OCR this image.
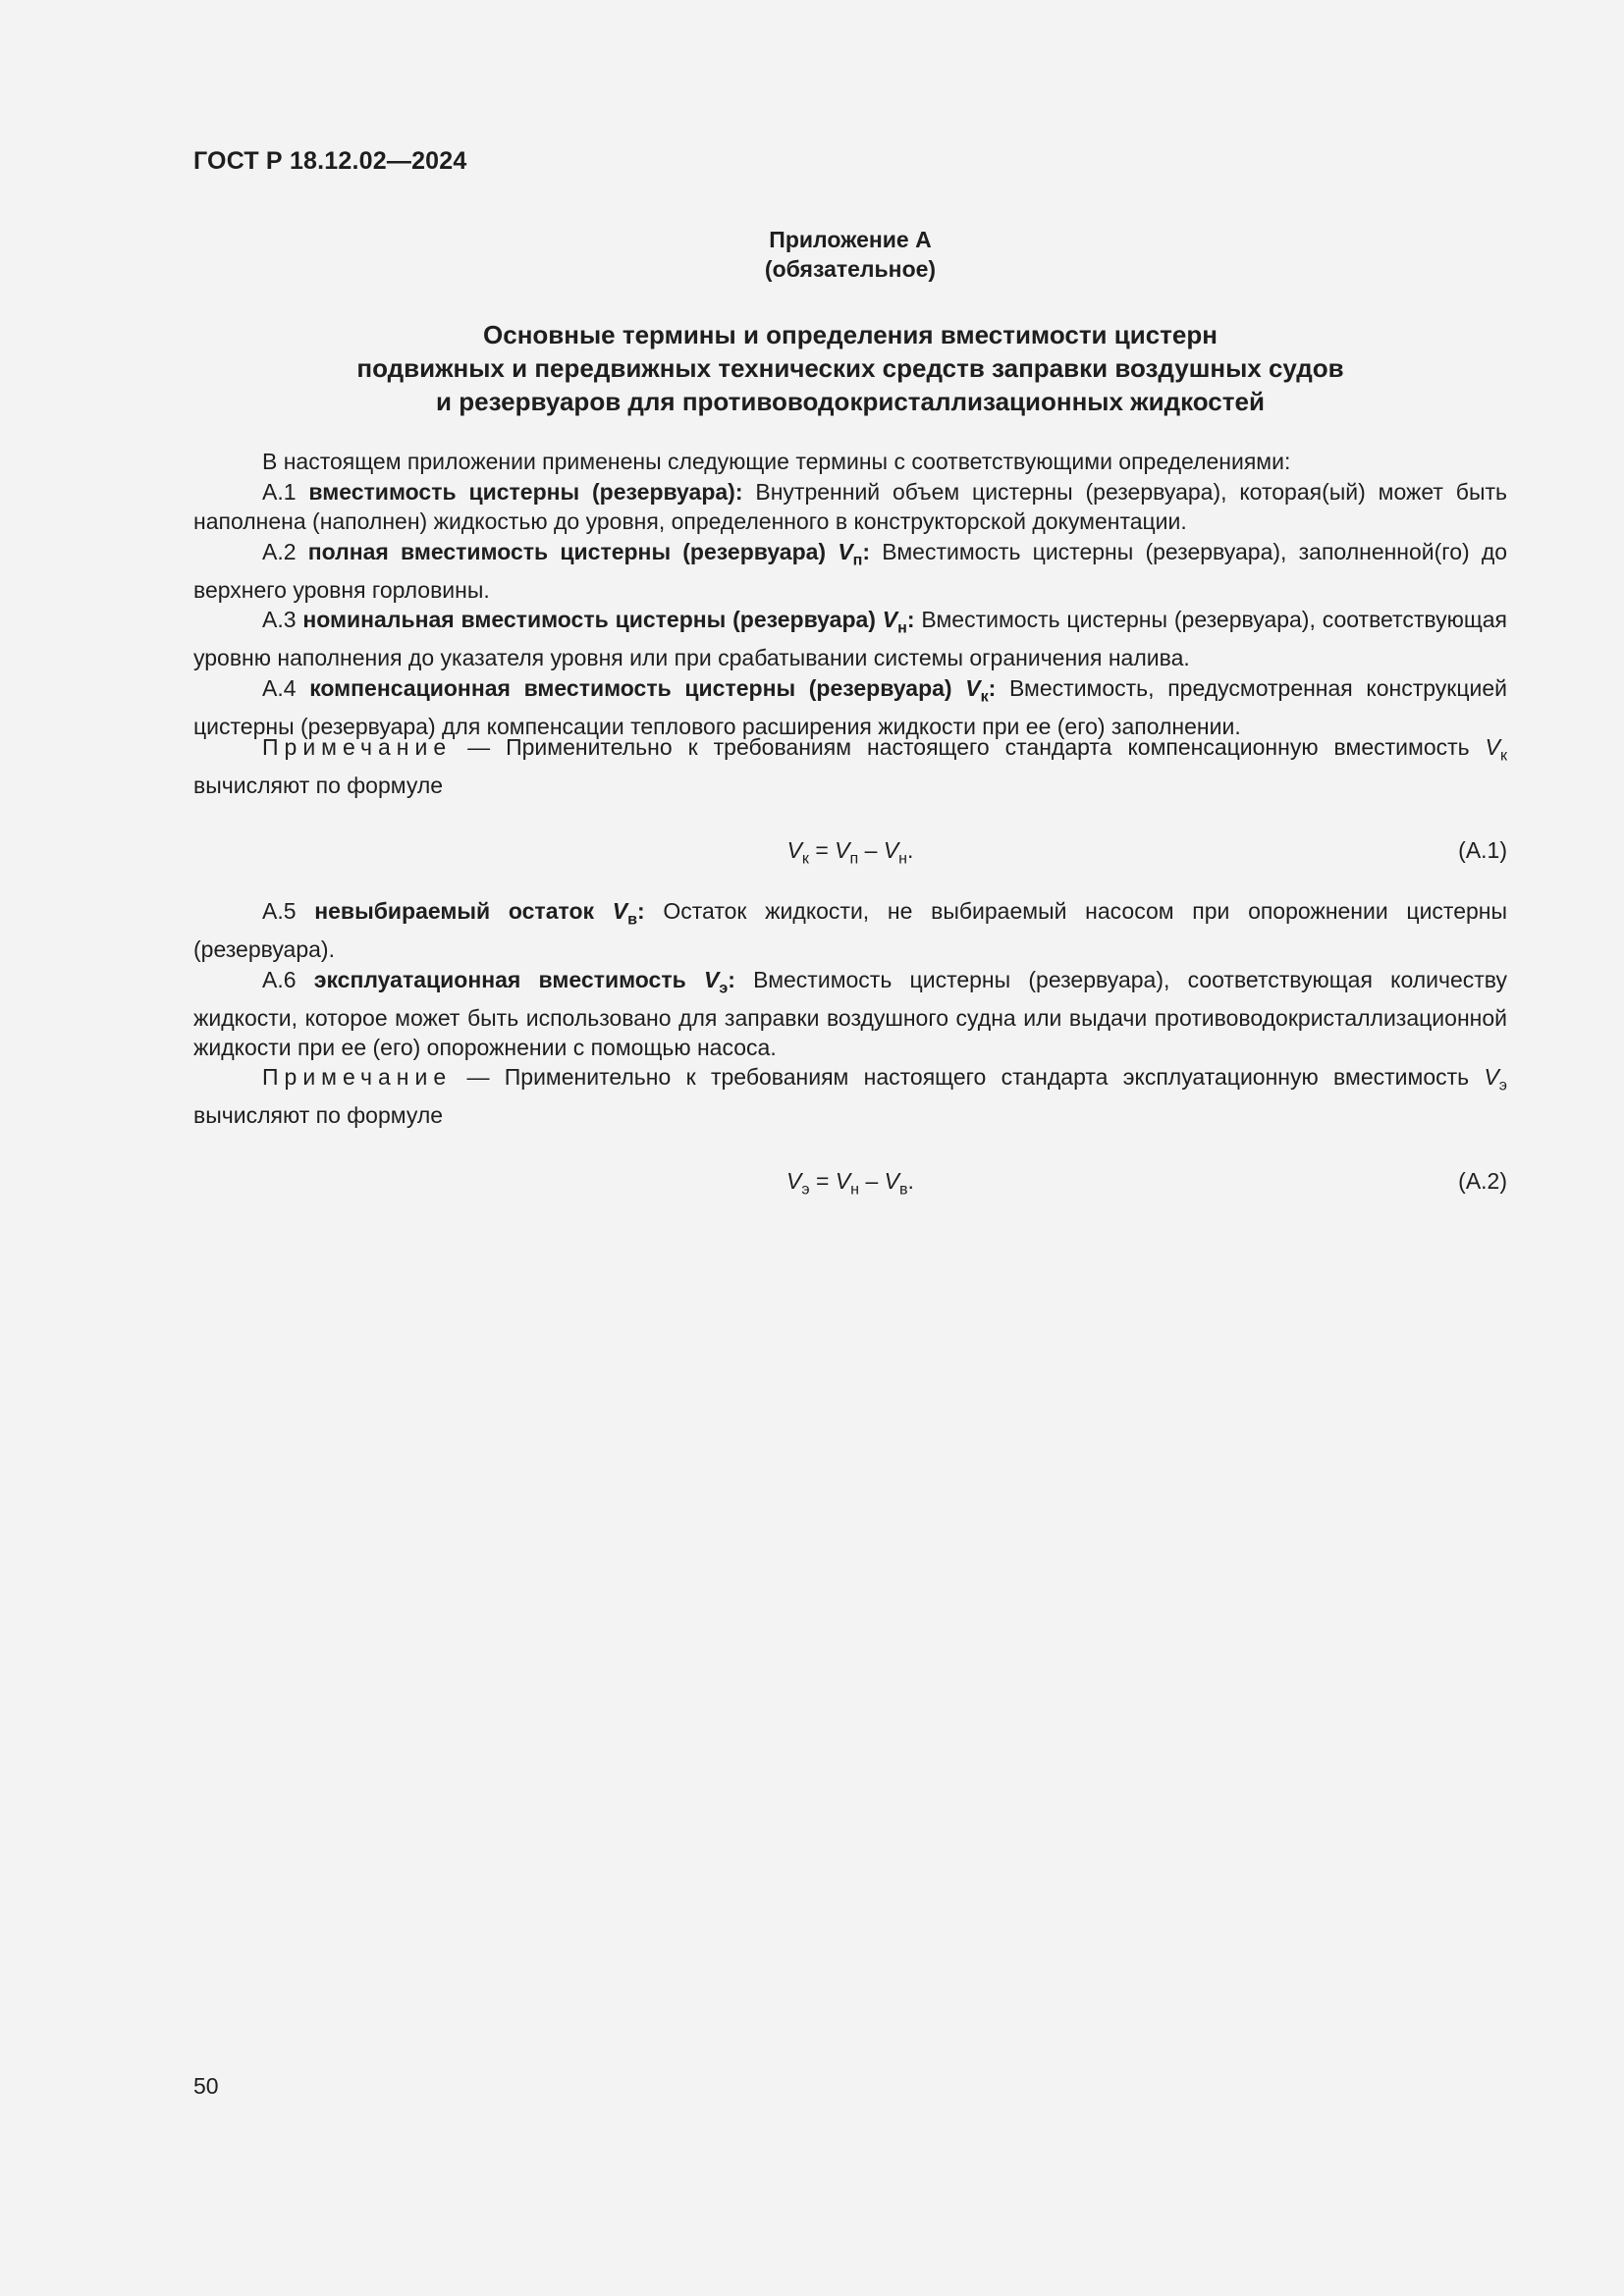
ГОСТ Р 18.12.02—2024
Приложение А
(обязательное)
Основные термины и определения вместимости цистерн
подвижных и передвижных технических средств заправки воздушных судов
и резервуаров для противоводокристаллизационных жидкостей

В настоящем приложении применены следующие термины с соответствующими определениями:

А.1 вместимость цистерны (резервуара): Внутренний объем цистерны (резервуара), которая(ый) может быть наполнена (наполнен) жидкостью до уровня, определенного в конструкторской документации.

А.2 полная вместимость цистерны (резервуара) $V_п$: Вместимость цистерны (резервуара), заполненной(го) до верхнего уровня горловины.

А.3 номинальная вместимость цистерны (резервуара) $V_н$: Вместимость цистерны (резервуара), соответствующая уровню наполнения до указателя уровня или при срабатывании системы ограничения налива.

А.4 компенсационная вместимость цистерны (резервуара) $V_к$: Вместимость, предусмотренная конструкцией цистерны (резервуара) для компенсации теплового расширения жидкости при ее (его) заполнении.

Примечание — Применительно к требованиям настоящего стандарта компенсационную вместимость $V_к$ вычисляют по формуле

$V_к = V_п - V_н$.	(А.1)

А.5 невыбираемый остаток $V_в$: Остаток жидкости, не выбираемый насосом при опорожнении цистерны (резервуара).

А.6 эксплуатационная вместимость $V_э$: Вместимость цистерны (резервуара), соответствующая количеству жидкости, которое может быть использовано для заправки воздушного судна или выдачи противоводокристаллизационной жидкости при ее (его) опорожнении с помощью насоса.

Примечание — Применительно к требованиям настоящего стандарта эксплуатационную вместимость $V_э$ вычисляют по формуле

$V_э = V_н - V_в$.	(А.2)
50
